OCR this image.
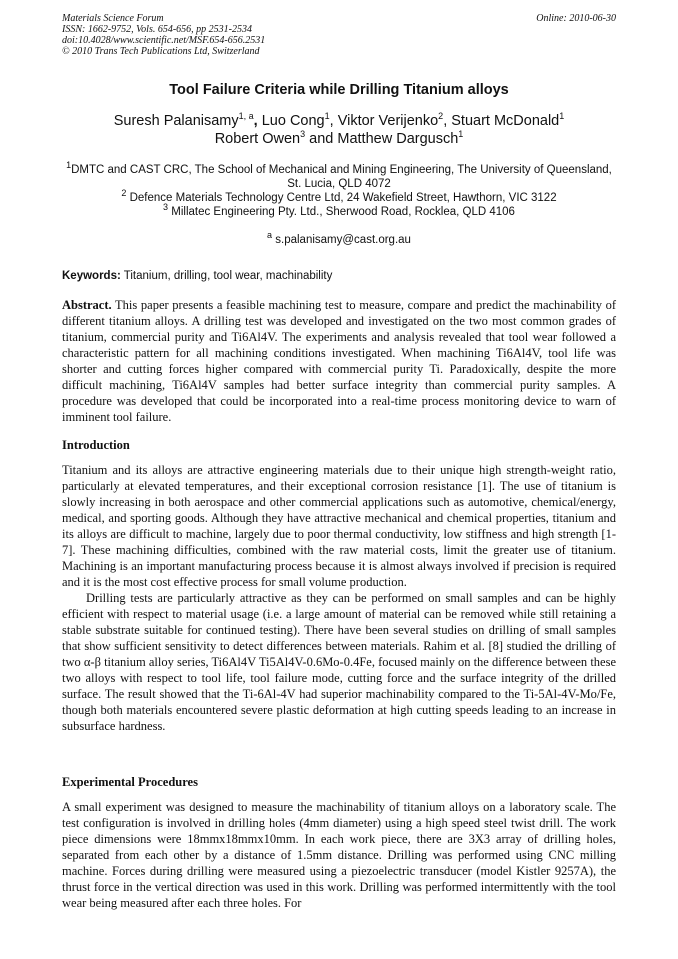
Materials Science Forum
ISSN: 1662-9752, Vols. 654-656, pp 2531-2534
doi:10.4028/www.scientific.net/MSF.654-656.2531
© 2010 Trans Tech Publications Ltd, Switzerland
Online: 2010-06-30
Tool Failure Criteria while Drilling Titanium alloys
Suresh Palanisamy$^{1, a}$, Luo Cong$^1$, Viktor Verijenko$^2$, Stuart McDonald$^1$
Robert Owen$^3$ and Matthew Dargusch$^1$
$^1$DMTC and CAST CRC, The School of Mechanical and Mining Engineering, The University of Queensland, St. Lucia, QLD 4072
$^2$ Defence Materials Technology Centre Ltd, 24 Wakefield Street, Hawthorn, VIC 3122
$^3$ Millatec Engineering Pty. Ltd., Sherwood Road, Rocklea, QLD 4106
$^a$ s.palanisamy@cast.org.au
Keywords: Titanium, drilling, tool wear, machinability

Abstract. This paper presents a feasible machining test to measure, compare and predict the machinability of different titanium alloys. A drilling test was developed and investigated on the two most common grades of titanium, commercial purity and Ti6Al4V. The experiments and analysis revealed that tool wear followed a characteristic pattern for all machining conditions investigated. When machining Ti6Al4V, tool life was shorter and cutting forces higher compared with commercial purity Ti. Paradoxically, despite the more difficult machining, Ti6Al4V samples had better surface integrity than commercial purity samples. A procedure was developed that could be incorporated into a real-time process monitoring device to warn of imminent tool failure.

Introduction

Titanium and its alloys are attractive engineering materials due to their unique high strength-weight ratio, particularly at elevated temperatures, and their exceptional corrosion resistance [1]. The use of titanium is slowly increasing in both aerospace and other commercial applications such as automotive, chemical/energy, medical, and sporting goods. Although they have attractive mechanical and chemical properties, titanium and its alloys are difficult to machine, largely due to poor thermal conductivity, low stiffness and high strength [1-7]. These machining difficulties, combined with the raw material costs, limit the greater use of titanium. Machining is an important manufacturing process because it is almost always involved if precision is required and it is the most cost effective process for small volume production.

Drilling tests are particularly attractive as they can be performed on small samples and can be highly efficient with respect to material usage (i.e. a large amount of material can be removed while still retaining a stable substrate suitable for continued testing). There have been several studies on drilling of small samples that show sufficient sensitivity to detect differences between materials. Rahim et al. [8] studied the drilling of two α-β titanium alloy series, Ti6Al4V Ti5Al4V-0.6Mo-0.4Fe, focused mainly on the difference between these two alloys with respect to tool life, tool failure mode, cutting force and the surface integrity of the drilled surface. The result showed that the Ti-6Al-4V had superior machinability compared to the Ti-5Al-4V-Mo/Fe, though both materials encountered severe plastic deformation at high cutting speeds leading to an increase in subsurface hardness.

Experimental Procedures

A small experiment was designed to measure the machinability of titanium alloys on a laboratory scale. The test configuration is involved in drilling holes (4mm diameter) using a high speed steel twist drill. The work piece dimensions were 18mmx18mmx10mm. In each work piece, there are 3X3 array of drilling holes, separated from each other by a distance of 1.5mm distance. Drilling was performed using CNC milling machine. Forces during drilling were measured using a piezoelectric transducer (model Kistler 9257A), the thrust force in the vertical direction was used in this work. Drilling was performed intermittently with the tool wear being measured after each three holes. For
